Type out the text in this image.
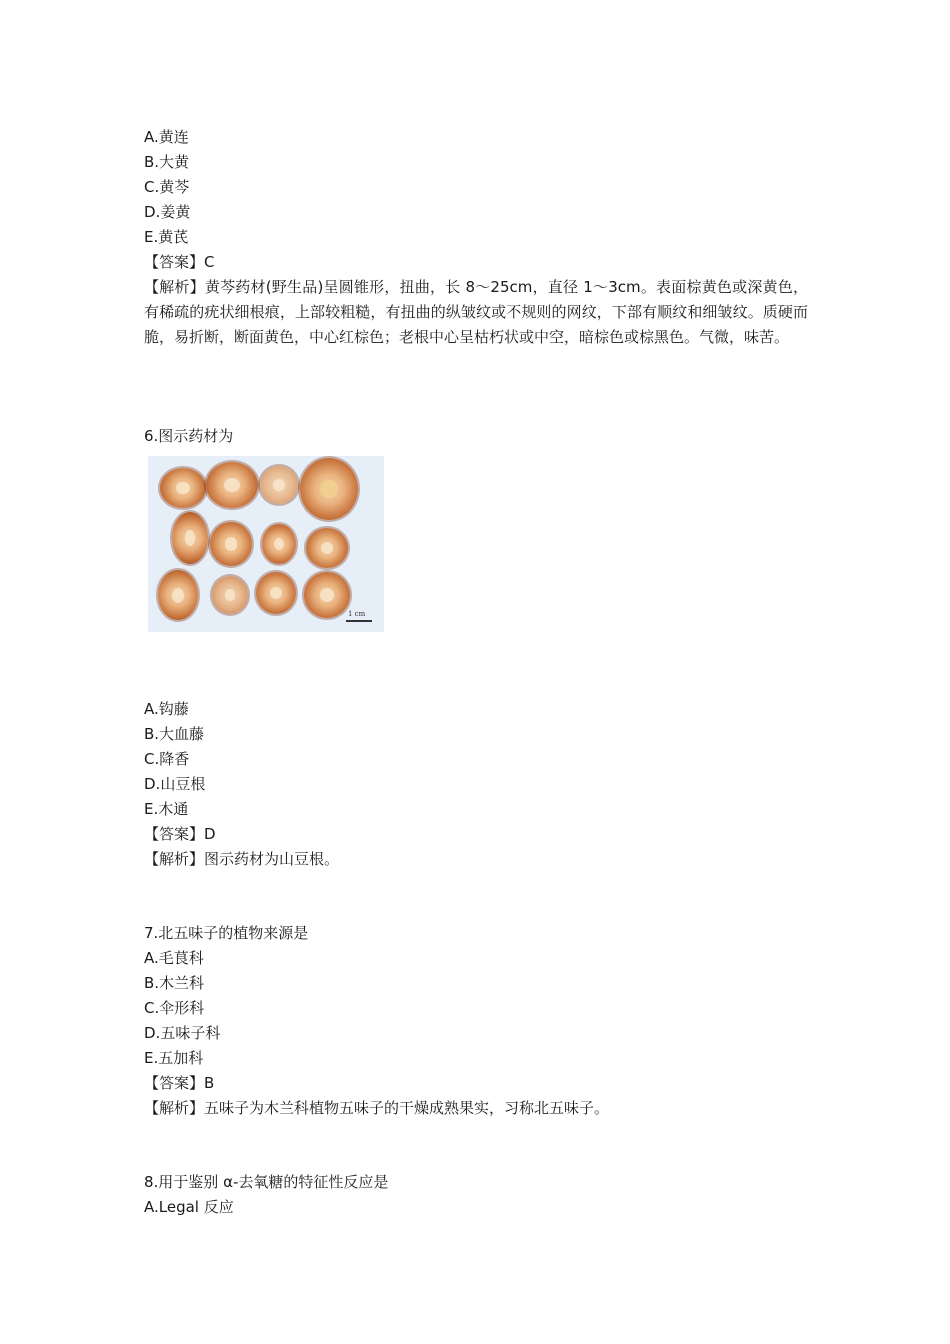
A.黄连
B.大黄
C.黄芩
D.姜黄
E.黄芪
【答案】C
【解析】黄芩药材(野生品)呈圆锥形，扭曲，长 8～25cm，直径 1～3cm。表面棕黄色或深黄色，有稀疏的疣状细根痕，上部较粗糙，有扭曲的纵皱纹或不规则的网纹，下部有顺纹和细皱纹。质硬而脆，易折断，断面黄色，中心红棕色；老根中心呈枯朽状或中空，暗棕色或棕黑色。气微，味苦。
6.图示药材为
1 cm
A.钩藤
B.大血藤
C.降香
D.山豆根
E.木通
【答案】D
【解析】图示药材为山豆根。
7.北五味子的植物来源是
A.毛茛科
B.木兰科
C.伞形科
D.五味子科
E.五加科
【答案】B
【解析】五味子为木兰科植物五味子的干燥成熟果实，习称北五味子。
8.用于鉴别 α-去氧糖的特征性反应是
A.Legal 反应
